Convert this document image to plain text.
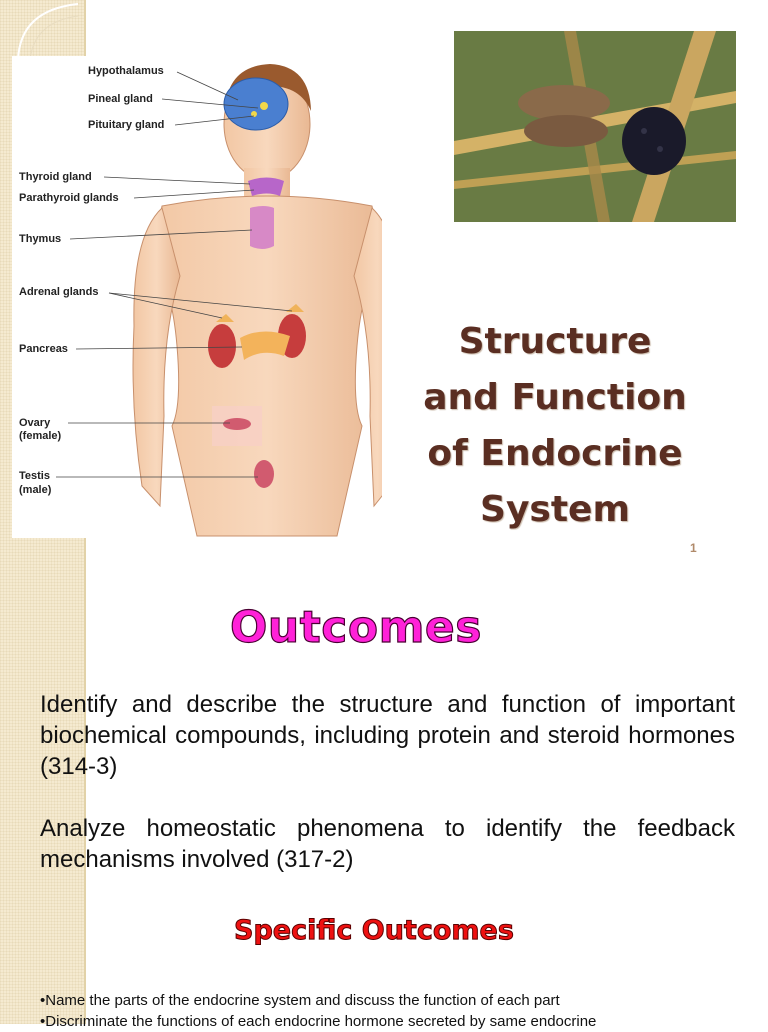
Hypothalamus
Pineal gland
Pituitary gland
Thyroid gland
Parathyroid glands
Thymus
Adrenal glands
Pancreas
Ovary
(female)
Testis
(male)
Structure
and Function
of Endocrine
System
1
Outcomes
Identify and describe the structure and function of important biochemical compounds, including protein and steroid hormones (314-3)
Analyze homeostatic phenomena to identify the feedback mechanisms involved (317-2)
Specific Outcomes
•Name the parts of the endocrine system and discuss the function of each part
•Discriminate the functions of each endocrine hormone secreted by same endocrine
